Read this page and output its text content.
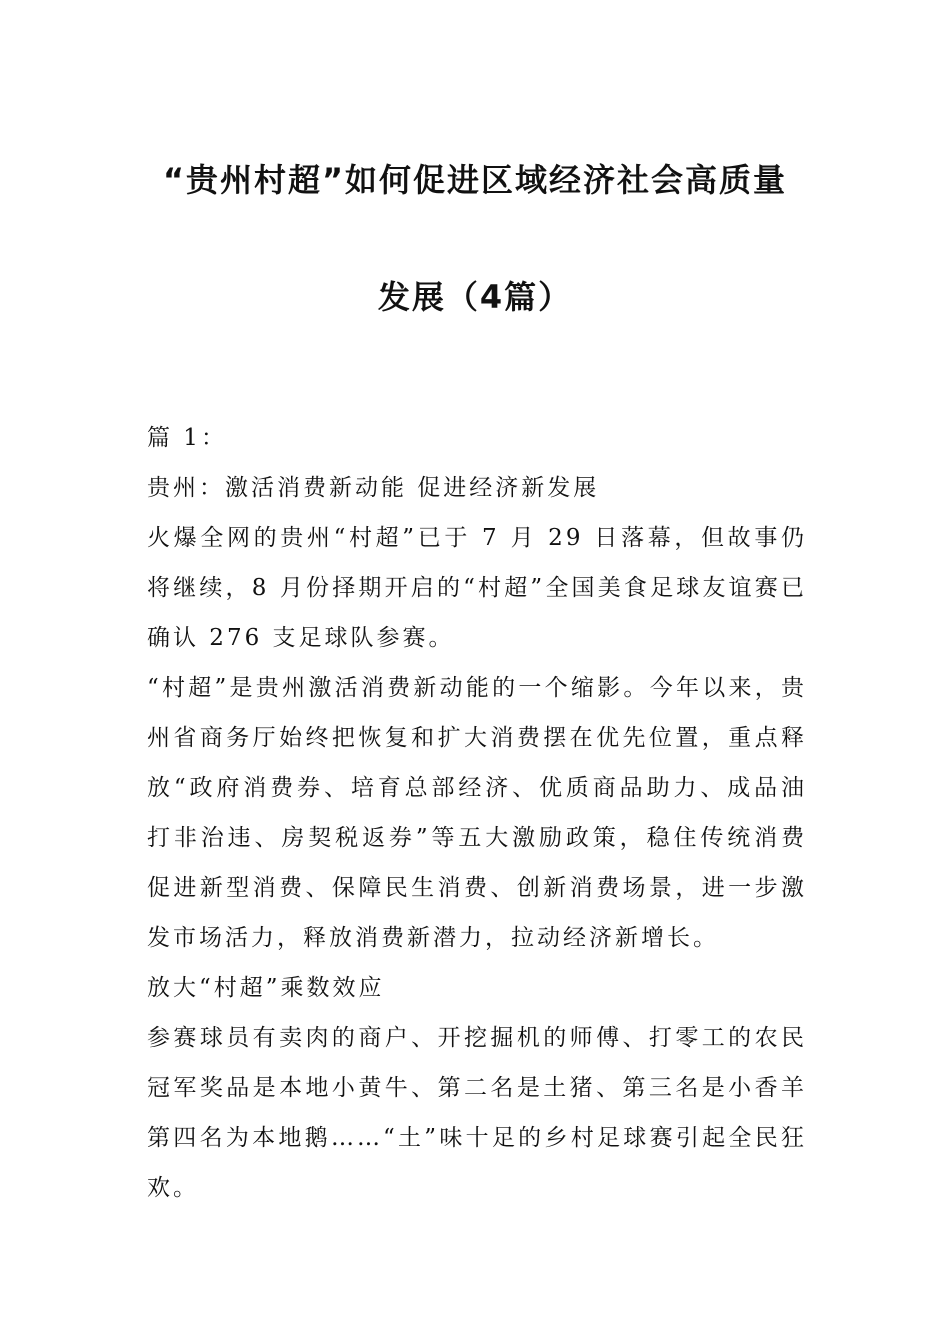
“贵州村超”如何促进区域经济社会高质量
发展（4篇）

篇 1：

贵州：激活消费新动能 促进经济新发展

火爆全网的贵州“村超”已于 7 月 29 日落幕，但故事仍将继续，8 月份择期开启的“村超”全国美食足球友谊赛已确认 276 支足球队参赛。

“村超”是贵州激活消费新动能的一个缩影。今年以来，贵州省商务厅始终把恢复和扩大消费摆在优先位置，重点释放“政府消费券、培育总部经济、优质商品助力、成品油打非治违、房契税返券”等五大激励政策，稳住传统消费促进新型消费、保障民生消费、创新消费场景，进一步激发市场活力，释放消费新潜力，拉动经济新增长。

放大“村超”乘数效应

参赛球员有卖肉的商户、开挖掘机的师傅、打零工的农民冠军奖品是本地小黄牛、第二名是土猪、第三名是小香羊第四名为本地鹅……“土”味十足的乡村足球赛引起全民狂欢。
